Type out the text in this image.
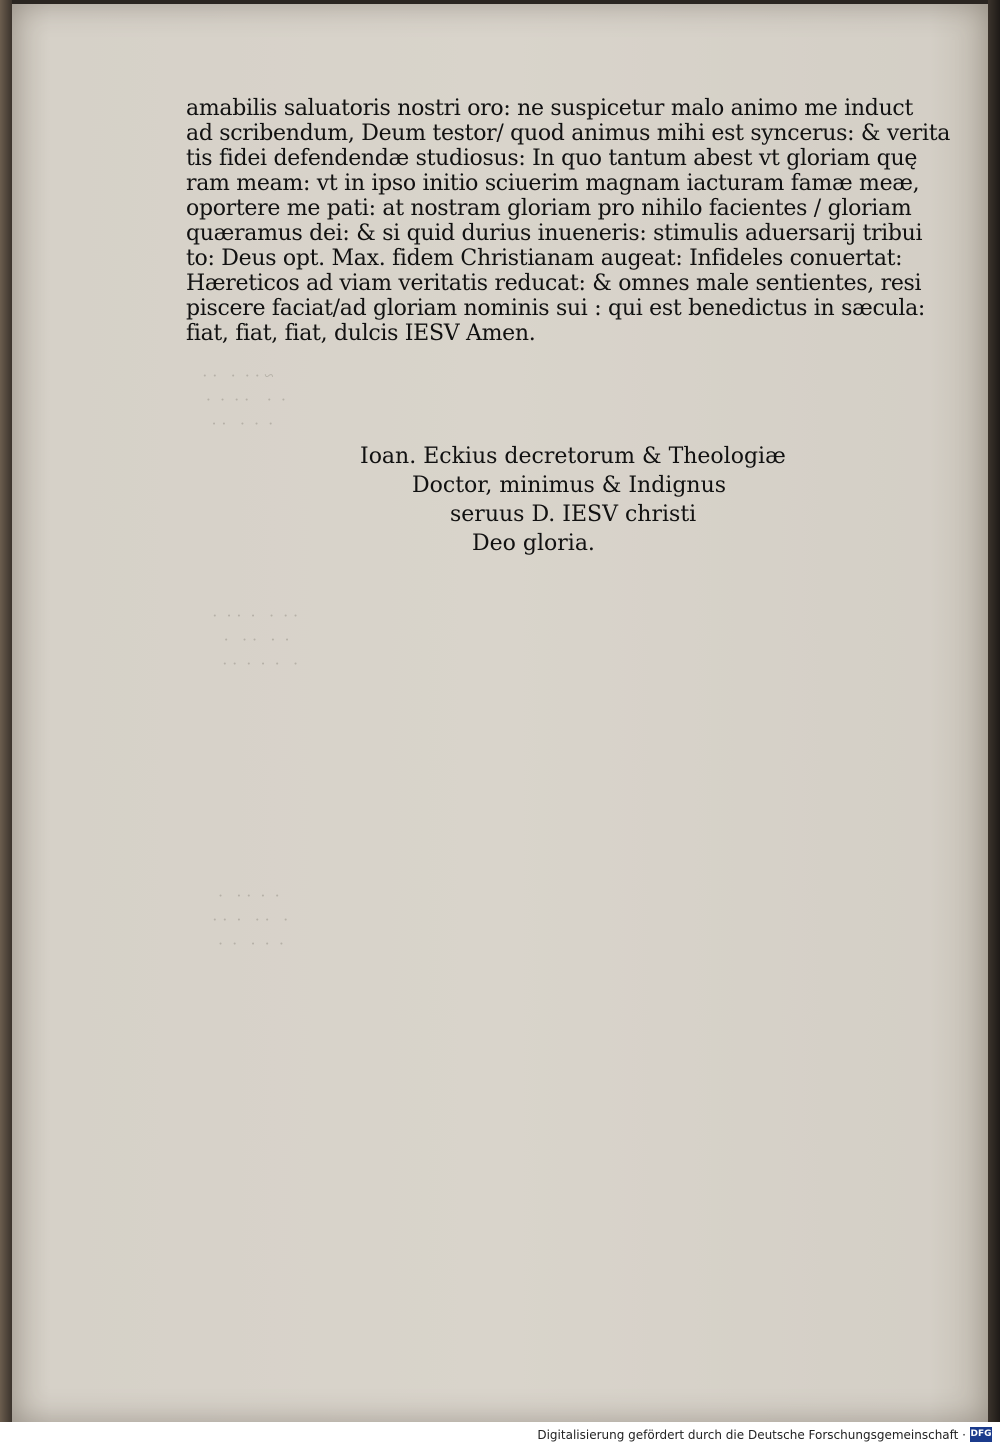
~ · ·  ·   · ·
·  ·    · ·  ·  ·
·  ·  ·   · ·
· ·  ·   ·  · ·  ·
·  ·   · ·   ·
·   ·  ·  ·  · ·
·  ·  · ·   ·
·   · ·   ·  · ·
·  ·  ·   ·  ·
amabilis saluatoris nostri oro: ne suspicetur malo animo me induct
ad scribendum, Deum testor/ quod animus mihi est syncerus: & verita
tis fidei defendendæ studiosus: In quo tantum abest vt gloriam quę
ram meam: vt in ipso initio sciuerim magnam iacturam famæ meæ,
oportere me pati: at nostram gloriam pro nihilo facientes / gloriam
quæramus dei: & si quid durius inueneris: stimulis aduersarij tribui
to: Deus opt. Max. fidem Christianam augeat: Infideles conuertat:
Hæreticos ad viam veritatis reducat: & omnes male sentientes, resi
piscere faciat/ad gloriam nominis sui : qui est benedictus in sæcula:
fiat, fiat, fiat, dulcis IESV Amen.
Ioan. Eckius decretorum & Theologiæ
Doctor, minimus & Indignus
seruus D. IESV christi
Deo gloria.
Digitalisierung gefördert durch die Deutsche Forschungsgemeinschaft · DFG
